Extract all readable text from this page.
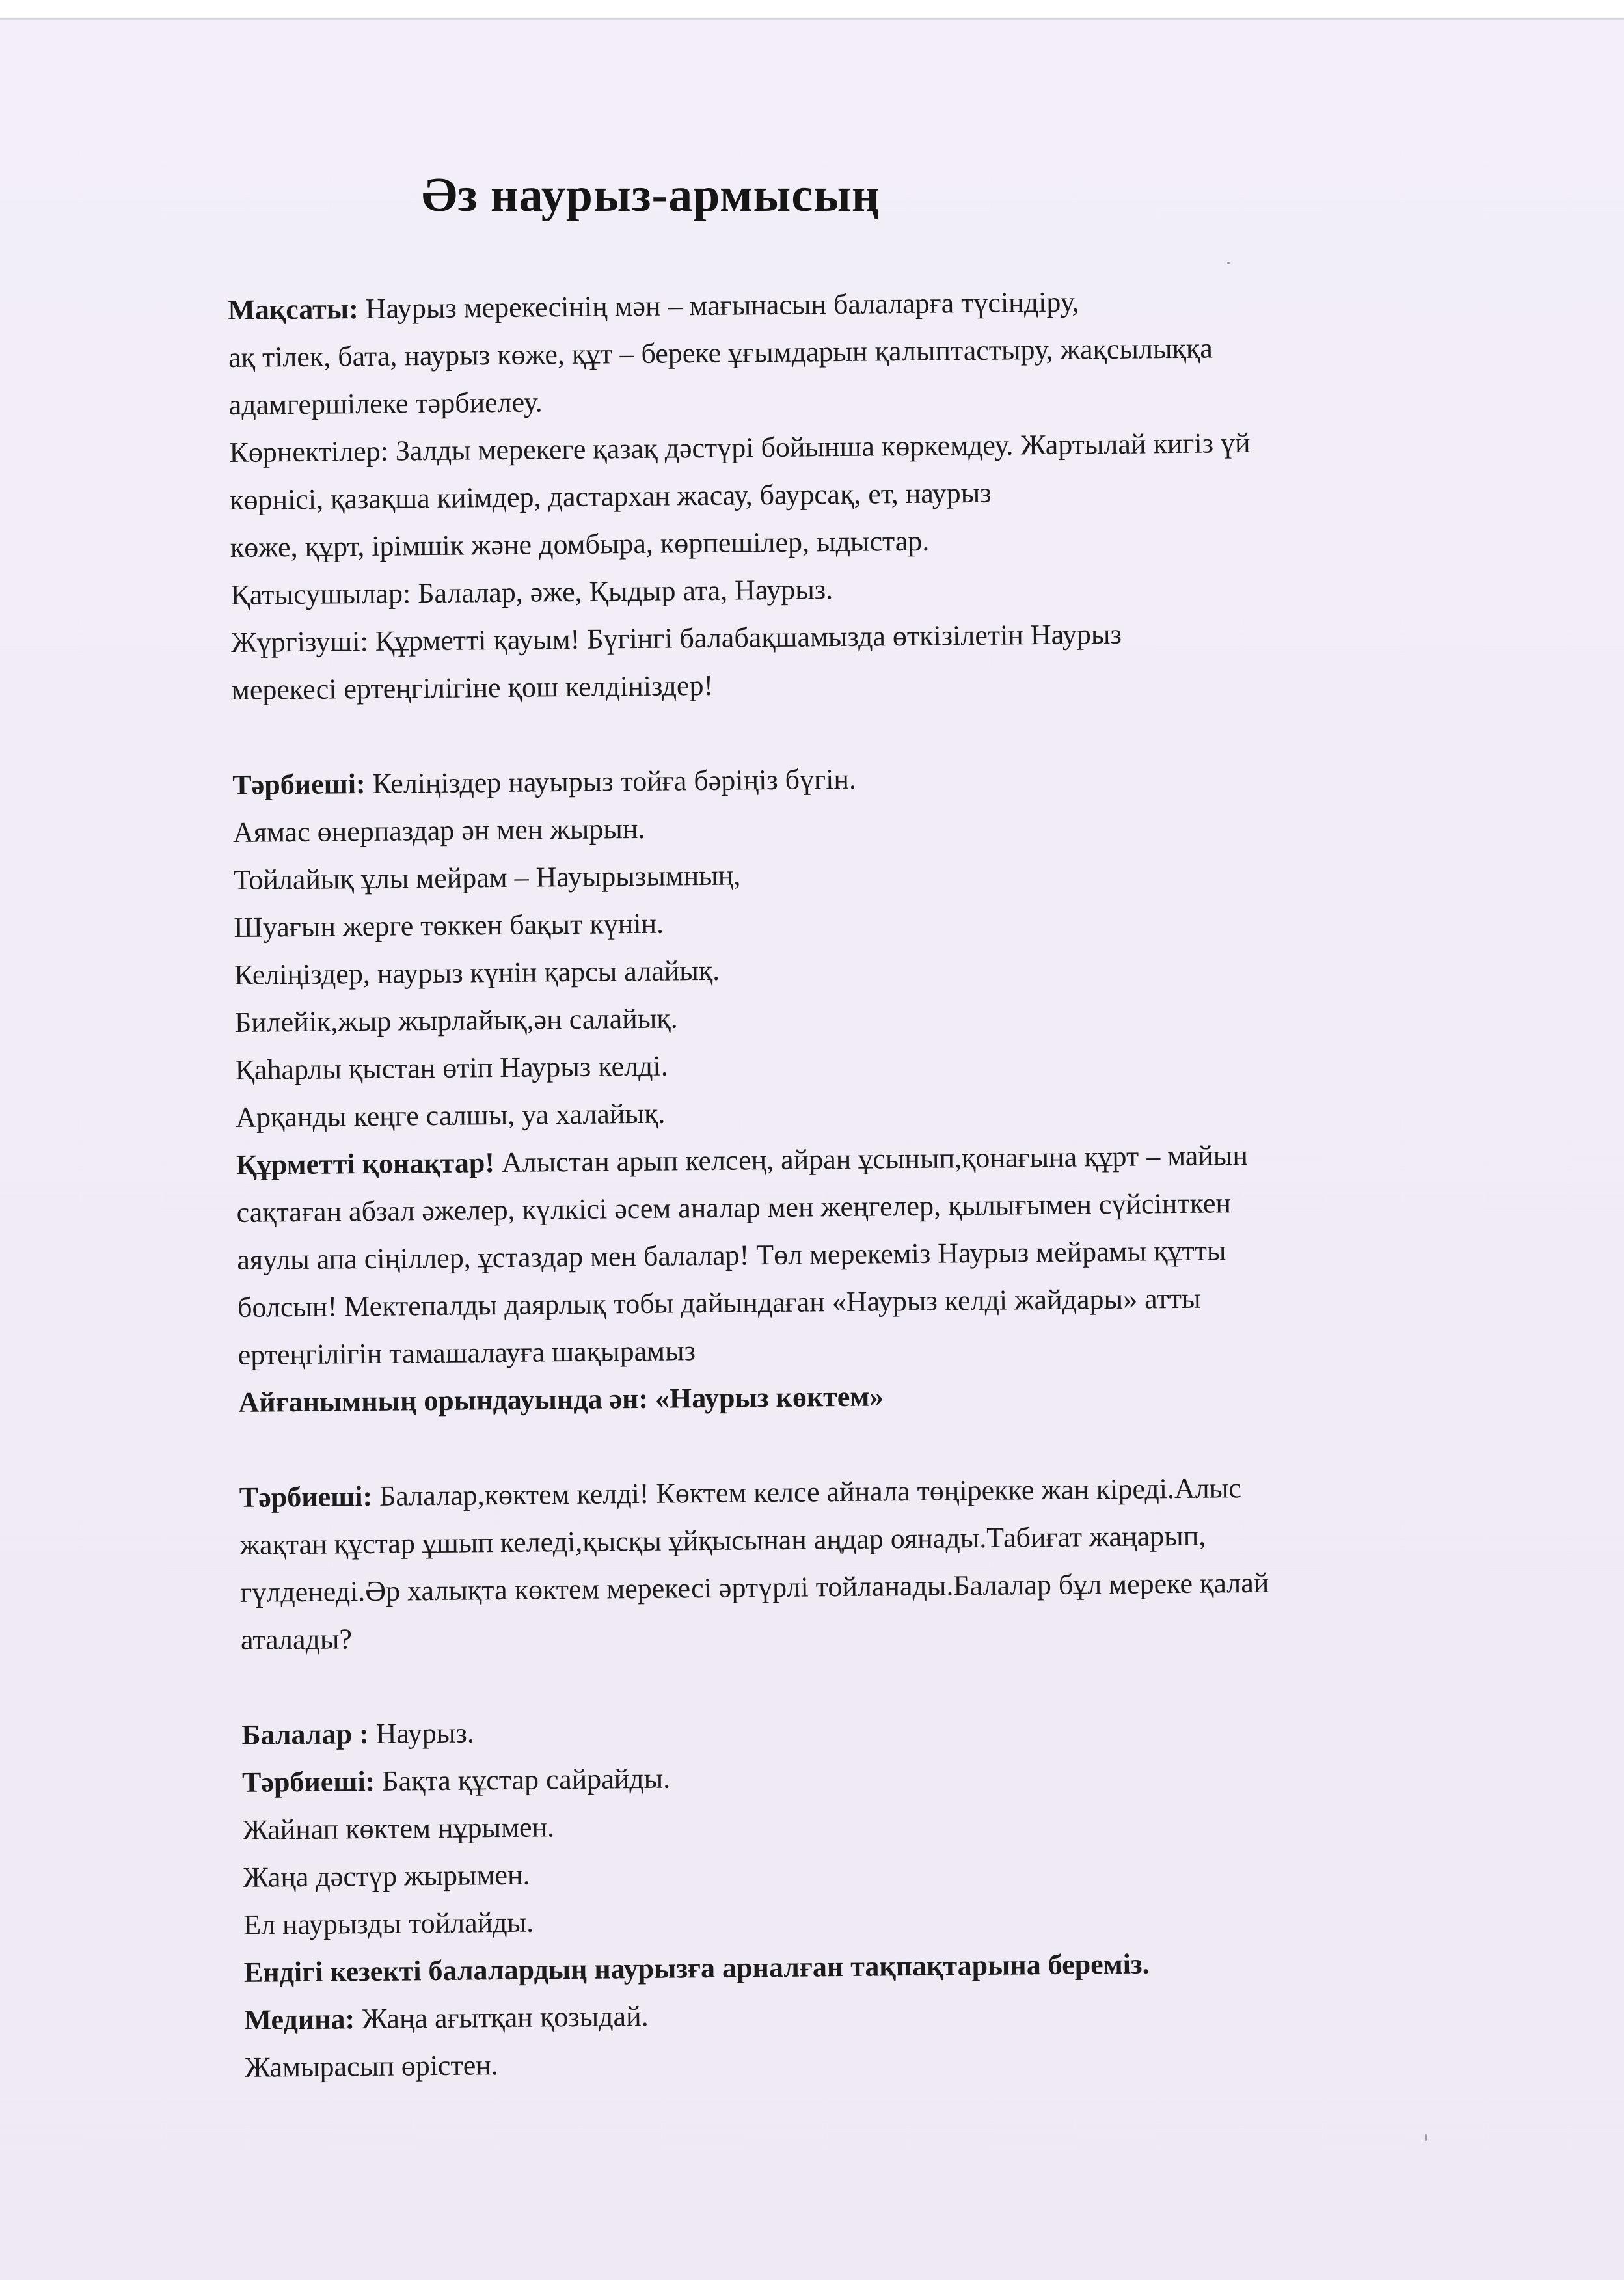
Әз наурыз-армысың
Мақсаты: Наурыз мерекесінің мән – мағынасын балаларға түсіндіру,
ақ тілек, бата, наурыз көже, құт – береке ұғымдарын қалыптастыру, жақсылыққа
адамгершілеке тәрбиелеу.
Көрнектілер: Залды мерекеге қазақ дәстүрі бойынша көркемдеу. Жартылай кигіз үй
көрнісі, қазақша киімдер, дастархан жасау, баурсақ, ет, наурыз
көже, құрт, ірімшік және домбыра, көрпешілер, ыдыстар.
Қатысушылар: Балалар, әже, Қыдыр ата, Наурыз.
Жүргізуші: Құрметті қауым! Бүгінгі балабақшамызда өткізілетін Наурыз
мерекесі ертеңгілігіне қош келдініздер!
Тәрбиеші: Келіңіздер науырыз тойға бәріңіз бүгін.
Аямас өнерпаздар ән мен жырын.
Тойлайық ұлы мейрам – Науырызымның,
Шуағын жерге төккен бақыт күнін.
Келіңіздер, наурыз күнін қарсы алайық.
Билейік,жыр жырлайық,ән салайық.
Қаһарлы қыстан өтіп Наурыз келді.
Арқанды кеңге салшы, уа халайық.
Құрметті қонақтар! Алыстан арып келсең, айран ұсынып,қонағына құрт – майын
сақтаған абзал әжелер, күлкісі әсем аналар мен жеңгелер, қылығымен сүйсінткен
аяулы апа сіңіллер, ұстаздар мен балалар! Төл мерекеміз Наурыз мейрамы құтты
болсын! Мектепалды даярлық тобы дайындаған «Наурыз келді жайдары» атты
ертеңгілігін тамашалауға шақырамыз
Айғанымның орындауында ән: «Наурыз көктем»
Тәрбиеші: Балалар,көктем келді! Көктем келсе айнала төңірекке жан кіреді.Алыс
жақтан құстар ұшып келеді,қысқы ұйқысынан аңдар оянады.Табиғат жаңарып,
гүлденеді.Әр халықта көктем мерекесі әртүрлі тойланады.Балалар бұл мереке қалай
аталады?
Балалар : Наурыз.
Тәрбиеші: Бақта құстар сайрайды.
Жайнап көктем нұрымен.
Жаңа дәстүр жырымен.
Ел наурызды тойлайды.
Ендігі кезекті балалардың наурызға арналған тақпақтарына береміз.
Медина: Жаңа ағытқан қозыдай.
Жамырасып өрістен.
